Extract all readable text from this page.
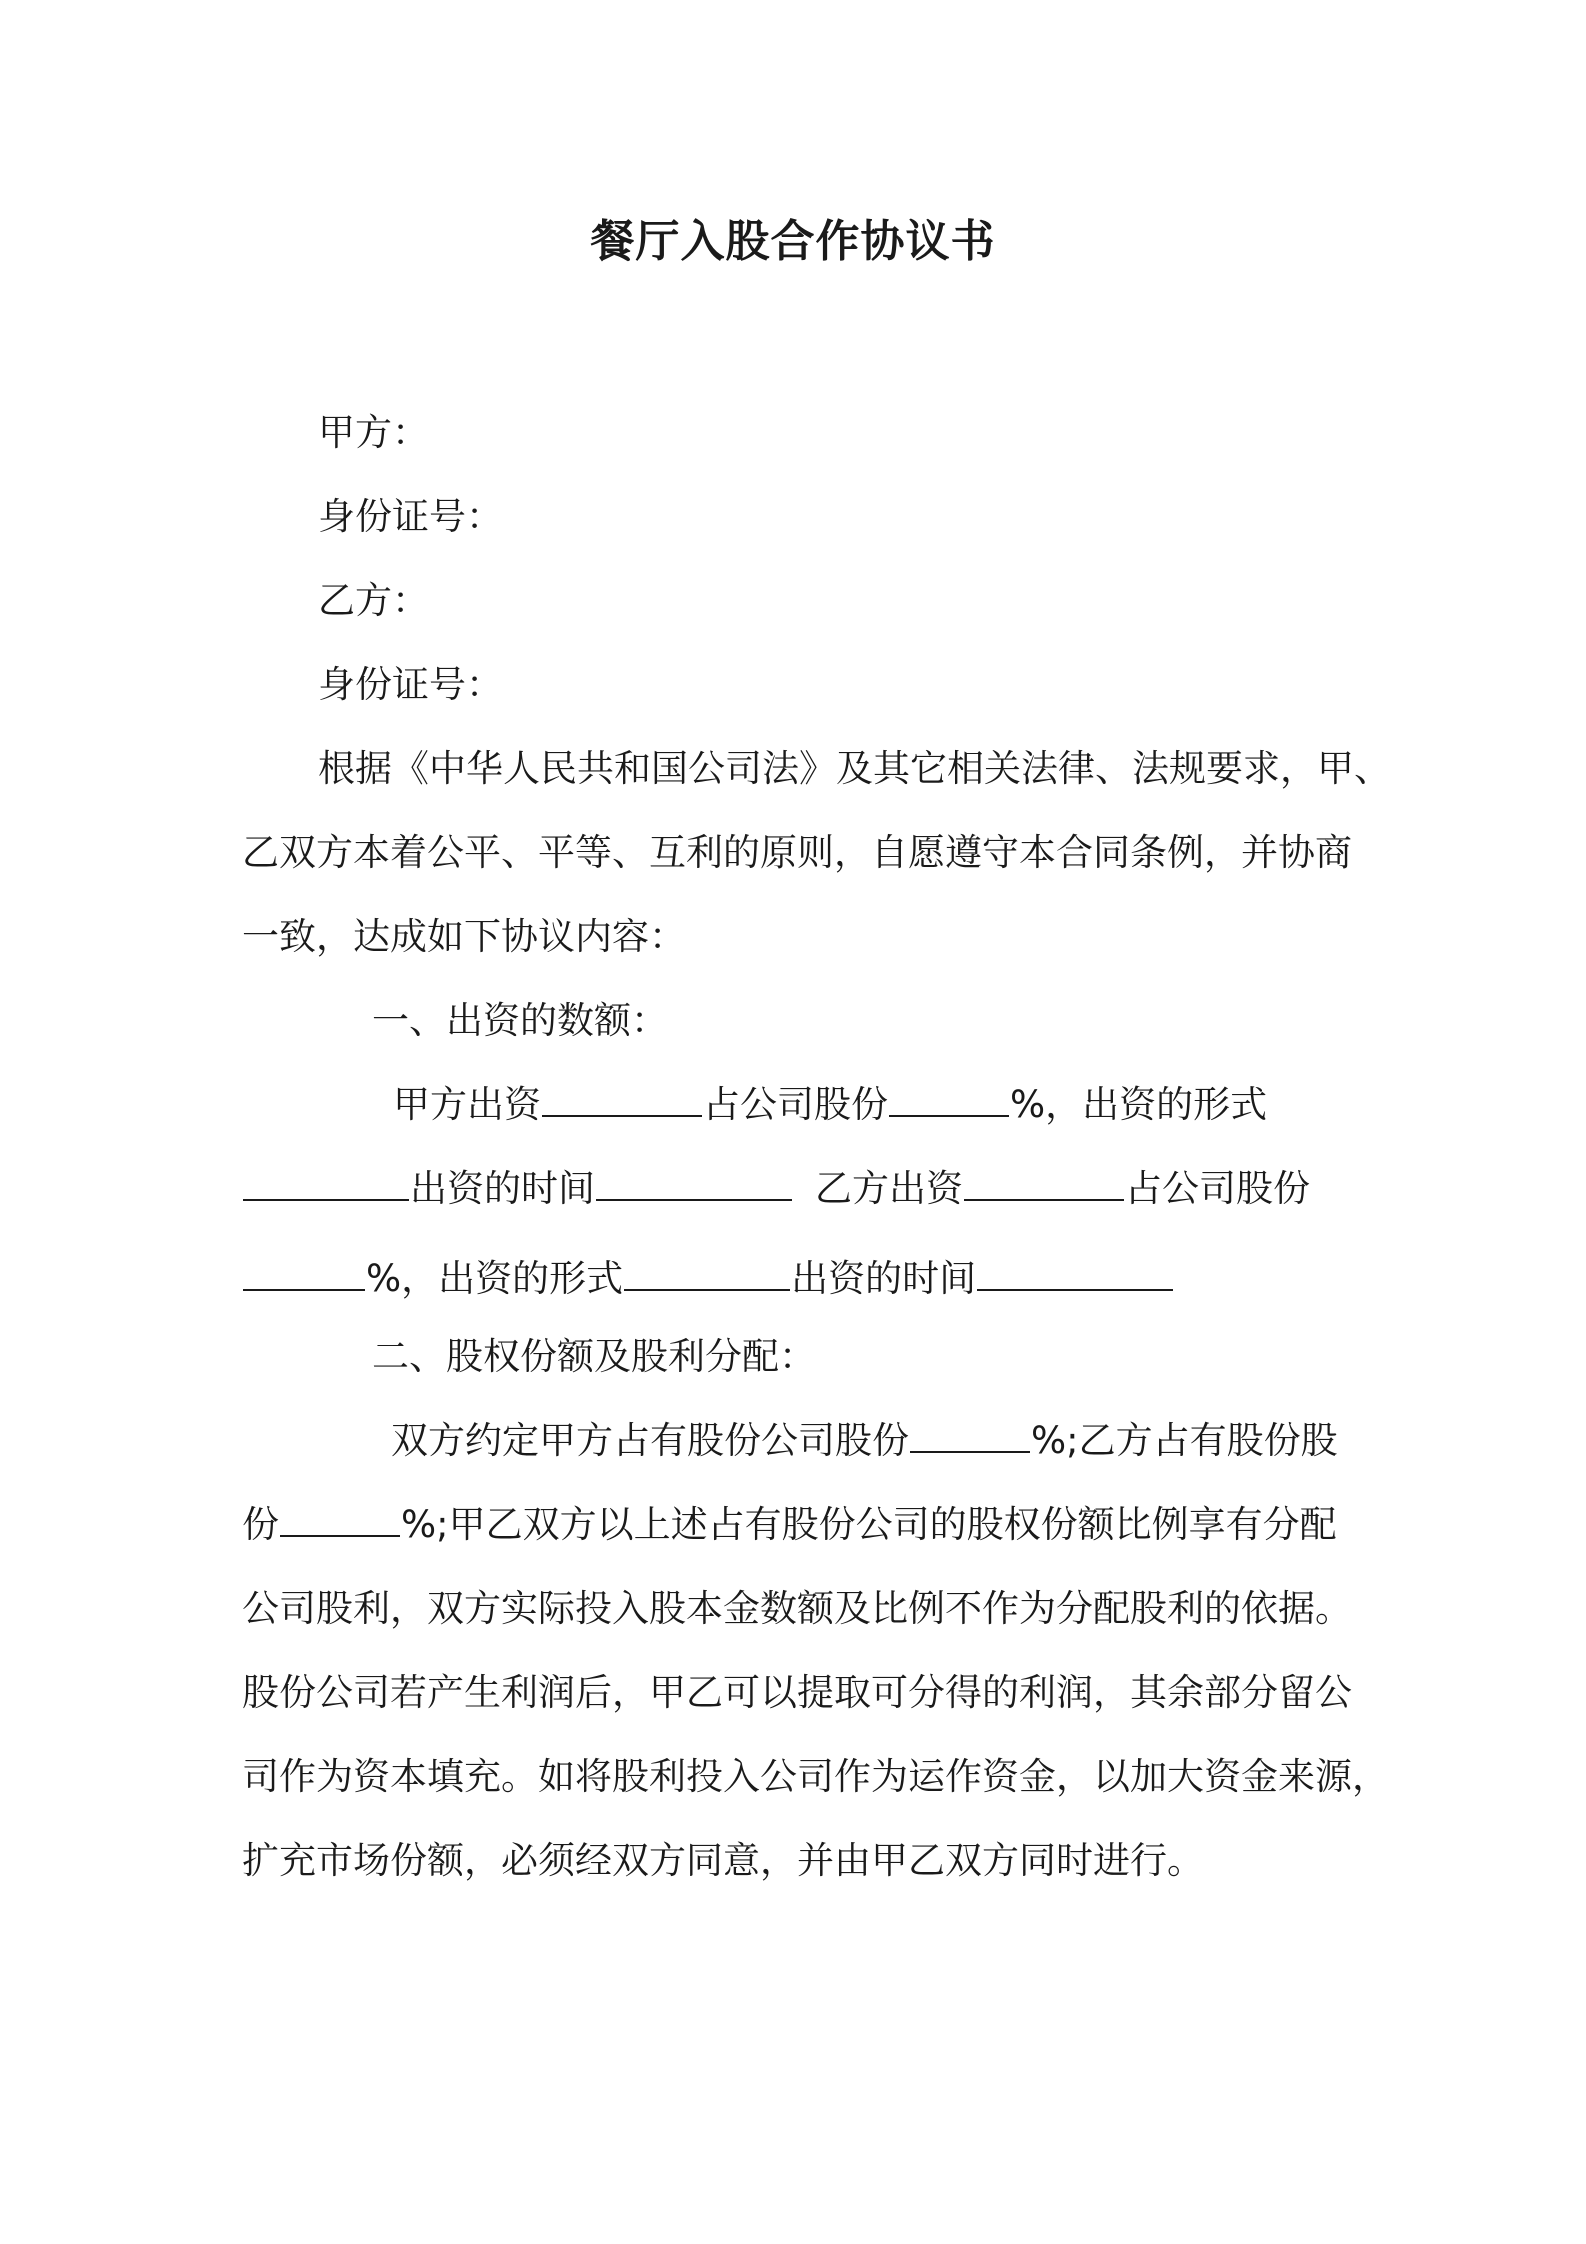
餐厅入股合作协议书
甲方：
身份证号：
乙方：
身份证号：
根据《中华人民共和国公司法》及其它相关法律、法规要求，甲、
乙双方本着公平、平等、互利的原则，自愿遵守本合同条例，并协商
一致，达成如下协议内容：
一、出资的数额：
甲方出资	占公司股份	%，出资的形式
出资的时间	乙方出资	占公司股份
%，出资的形式	出资的时间
二、股权份额及股利分配：
双方约定甲方占有股份公司股份	%;乙方占有股份股
份	%;甲乙双方以上述占有股份公司的股权份额比例享有分配
公司股利，双方实际投入股本金数额及比例不作为分配股利的依据。
股份公司若产生利润后，甲乙可以提取可分得的利润，其余部分留公
司作为资本填充。如将股利投入公司作为运作资金，以加大资金来源，
扩充市场份额，必须经双方同意，并由甲乙双方同时进行。
